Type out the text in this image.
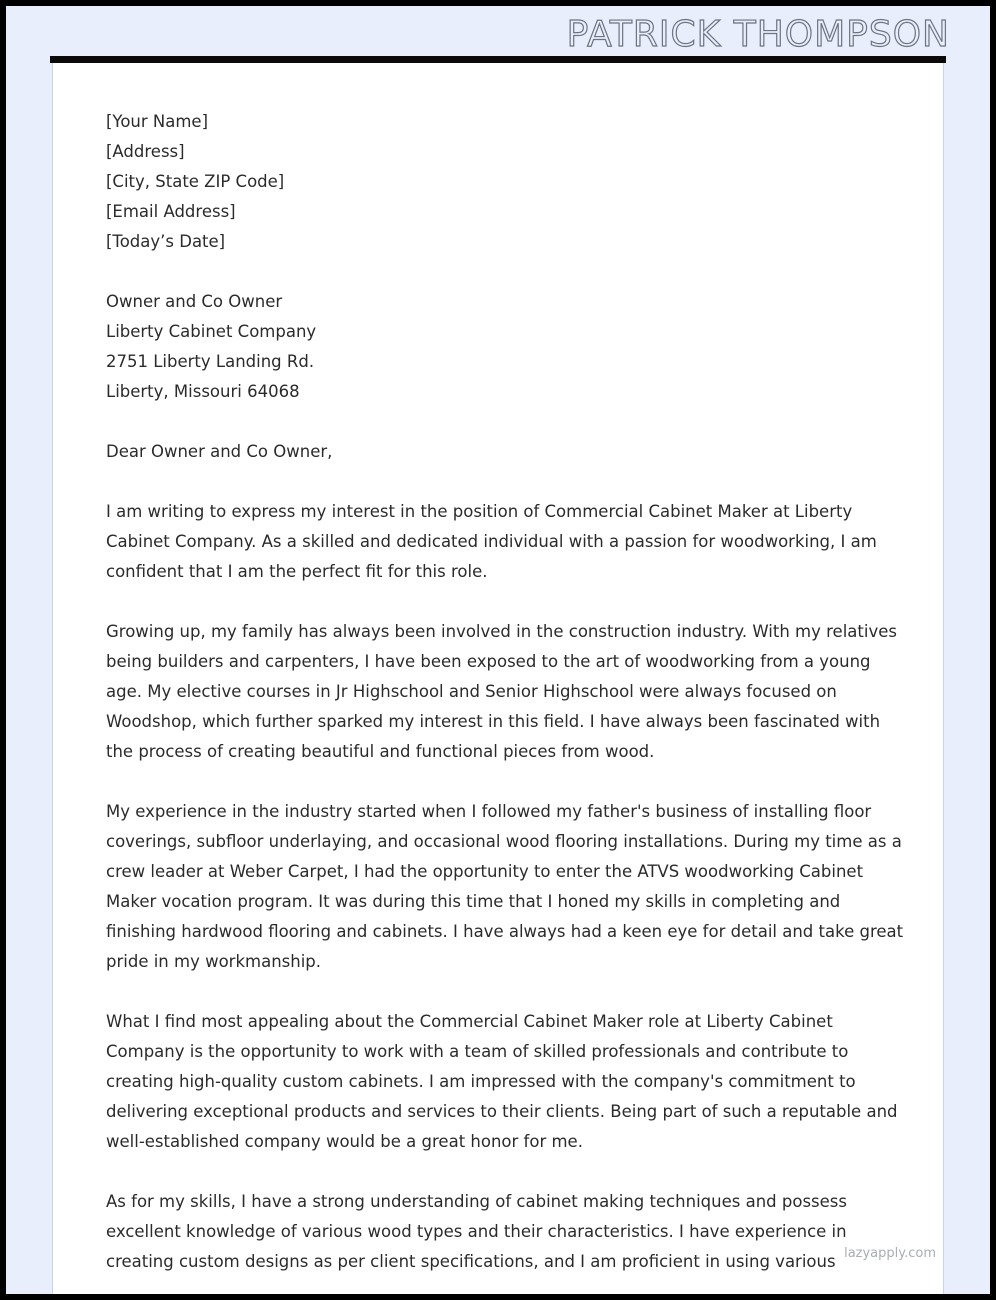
PATRICK THOMPSON

[Your Name]
[Address]
[City, State ZIP Code]
[Email Address]
[Today’s Date]

Owner and Co Owner
Liberty Cabinet Company
2751 Liberty Landing Rd.
Liberty, Missouri 64068

Dear Owner and Co Owner,

I am writing to express my interest in the position of Commercial Cabinet Maker at Liberty Cabinet Company. As a skilled and dedicated individual with a passion for woodworking, I am confident that I am the perfect fit for this role.

Growing up, my family has always been involved in the construction industry. With my relatives being builders and carpenters, I have been exposed to the art of woodworking from a young age. My elective courses in Jr Highschool and Senior Highschool were always focused on Woodshop, which further sparked my interest in this field. I have always been fascinated with the process of creating beautiful and functional pieces from wood.

My experience in the industry started when I followed my father's business of installing floor coverings, subfloor underlaying, and occasional wood flooring installations. During my time as a crew leader at Weber Carpet, I had the opportunity to enter the ATVS woodworking Cabinet Maker vocation program. It was during this time that I honed my skills in completing and finishing hardwood flooring and cabinets. I have always had a keen eye for detail and take great pride in my workmanship.

What I find most appealing about the Commercial Cabinet Maker role at Liberty Cabinet Company is the opportunity to work with a team of skilled professionals and contribute to creating high-quality custom cabinets. I am impressed with the company's commitment to delivering exceptional products and services to their clients. Being part of such a reputable and well-established company would be a great honor for me.

As for my skills, I have a strong understanding of cabinet making techniques and possess excellent knowledge of various wood types and their characteristics. I have experience in creating custom designs as per client specifications, and I am proficient in using various lazyapply.com
